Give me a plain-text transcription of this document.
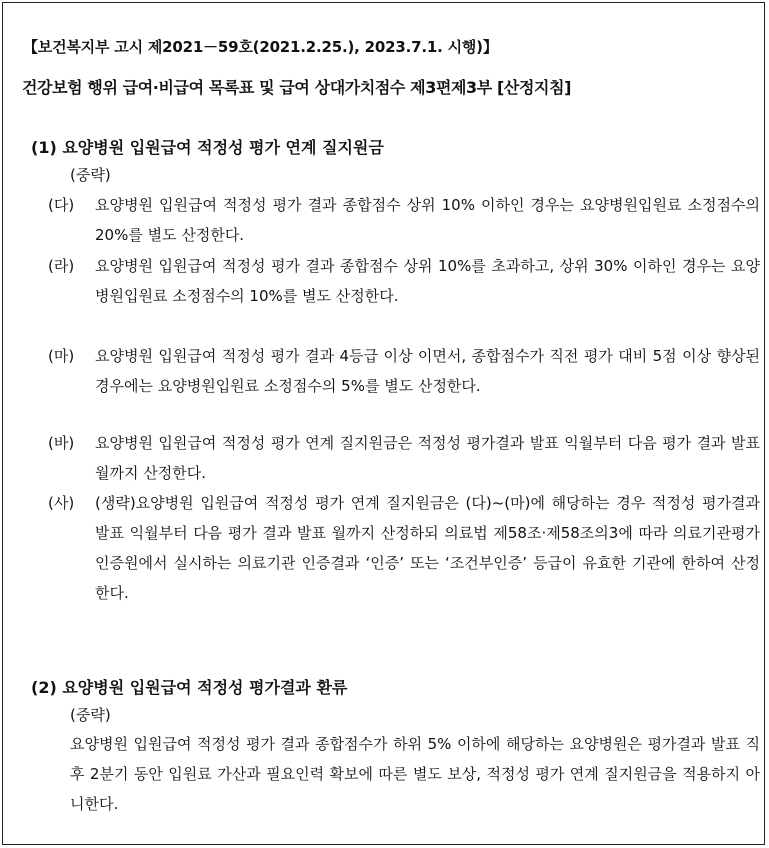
【보건복지부 고시 제2021－59호(2021.2.25.), 2023.7.1. 시행)】
건강보험 행위 급여·비급여 목록표 및 급여 상대가치점수 제3편제3부 [산정지침]
(1) 요양병원 입원급여 적정성 평가 연계 질지원금
(중략)
(다) 요양병원 입원급여 적정성 평가 결과 종합점수 상위 10% 이하인 경우는 요양병원입원료 소정점수의 20%를 별도 산정한다.
(라) 요양병원 입원급여 적정성 평가 결과 종합점수 상위 10%를 초과하고, 상위 30% 이하인 경우는 요양병원입원료 소정점수의 10%를 별도 산정한다.
(마) 요양병원 입원급여 적정성 평가 결과 4등급 이상 이면서, 종합점수가 직전 평가 대비 5점 이상 향상된 경우에는 요양병원입원료 소정점수의 5%를 별도 산정한다.
(바) 요양병원 입원급여 적정성 평가 연계 질지원금은 적정성 평가결과 발표 익월부터 다음 평가 결과 발표 월까지 산정한다.
(사) (생략)요양병원 입원급여 적정성 평가 연계 질지원금은 (다)~(마)에 해당하는 경우 적정성 평가결과 발표 익월부터 다음 평가 결과 발표 월까지 산정하되 의료법 제58조·제58조의3에 따라 의료기관평가인증원에서 실시하는 의료기관 인증결과 ‘인증’ 또는 ‘조건부인증’ 등급이 유효한 기관에 한하여 산정한다.
(2) 요양병원 입원급여 적정성 평가결과 환류
(중략)
요양병원 입원급여 적정성 평가 결과 종합점수가 하위 5% 이하에 해당하는 요양병원은 평가결과 발표 직후 2분기 동안 입원료 가산과 필요인력 확보에 따른 별도 보상, 적정성 평가 연계 질지원금을 적용하지 아니한다.
